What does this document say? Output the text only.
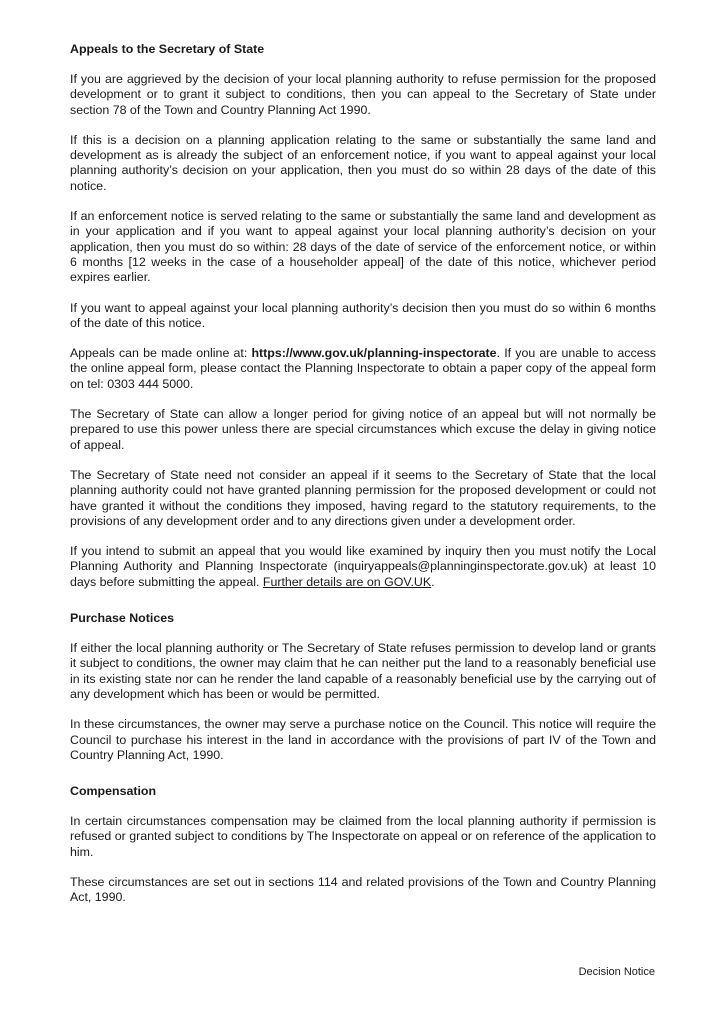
Appeals to the Secretary of State

If you are aggrieved by the decision of your local planning authority to refuse permission for the proposed development or to grant it subject to conditions, then you can appeal to the Secretary of State under section 78 of the Town and Country Planning Act 1990.

If this is a decision on a planning application relating to the same or substantially the same land and development as is already the subject of an enforcement notice, if you want to appeal against your local planning authority’s decision on your application, then you must do so within 28 days of the date of this notice.

If an enforcement notice is served relating to the same or substantially the same land and development as in your application and if you want to appeal against your local planning authority’s decision on your application, then you must do so within: 28 days of the date of service of the enforcement notice, or within 6 months [12 weeks in the case of a householder appeal] of the date of this notice, whichever period expires earlier.

If you want to appeal against your local planning authority’s decision then you must do so within 6 months of the date of this notice.

Appeals can be made online at: https://www.gov.uk/planning-inspectorate. If you are unable to access the online appeal form, please contact the Planning Inspectorate to obtain a paper copy of the appeal form on tel: 0303 444 5000.

The Secretary of State can allow a longer period for giving notice of an appeal but will not normally be prepared to use this power unless there are special circumstances which excuse the delay in giving notice of appeal.

The Secretary of State need not consider an appeal if it seems to the Secretary of State that the local planning authority could not have granted planning permission for the proposed development or could not have granted it without the conditions they imposed, having regard to the statutory requirements, to the provisions of any development order and to any directions given under a development order.

If you intend to submit an appeal that you would like examined by inquiry then you must notify the Local Planning Authority and Planning Inspectorate (inquiryappeals@planninginspectorate.gov.uk) at least 10 days before submitting the appeal. Further details are on GOV.UK.

Purchase Notices

If either the local planning authority or The Secretary of State refuses permission to develop land or grants it subject to conditions, the owner may claim that he can neither put the land to a reasonably beneficial use in its existing state nor can he render the land capable of a reasonably beneficial use by the carrying out of any development which has been or would be permitted.

In these circumstances, the owner may serve a purchase notice on the Council. This notice will require the Council to purchase his interest in the land in accordance with the provisions of part IV of the Town and Country Planning Act, 1990.

Compensation

In certain circumstances compensation may be claimed from the local planning authority if permission is refused or granted subject to conditions by The Inspectorate on appeal or on reference of the application to him.

These circumstances are set out in sections 114 and related provisions of the Town and Country Planning Act, 1990.

Decision Notice
